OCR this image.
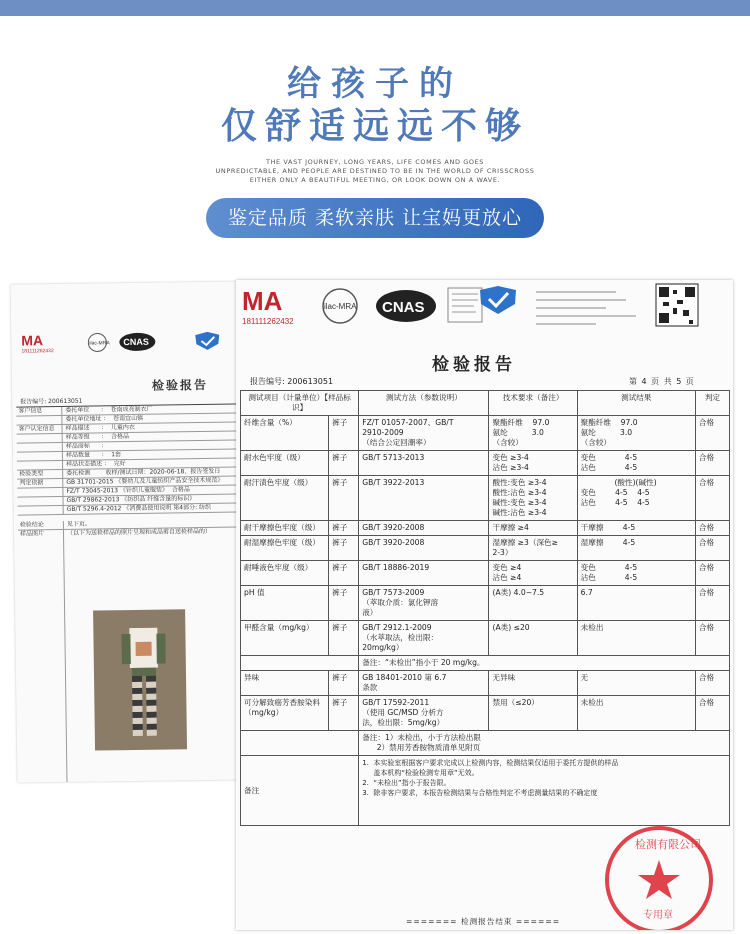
给孩子的
仅舒适远远不够
THE VAST JOURNEY, LONG YEARS, LIFE COMES AND GOES
UNPREDICTABLE, AND PEOPLE ARE DESTINED TO BE IN THE WORLD OF CRISSCROSS
EITHER ONLY A BEAUTIFUL MEETING, OR LOOK DOWN ON A WAVE.
鉴定品质 柔软亲肤 让宝妈更放心
MA
181111262432
ilac-MRA CNAS
检验报告
报告编号: 200613051
客户信息	委托单位      ：  苍南成亮制衣厂
委托单位地址 ：  苍南宜山镇
客户认定信息	样品描述      ：  儿童内衣
样品等级      ：  合格品
样品商标      ：
样品数量      ：  1套
样品状态描述 ：  完好
检验类型	委托检测        收样/测试日期：2020-06-18、报告签发日
判定依据	GB 31701-2015 《婴幼儿及儿童纺织产品安全技术规范》
FZ/T 73045-2013 《针织儿童服装》  合格品
GB/T 29862-2013 《纺织品 纤维含量的标识》
GB/T 5296.4-2012 《消费品使用说明 第4部分: 纺织
检验结论	见下页。
样品图片	（以下为送检样品的照片呈现和成品剪自送检样品的）
MA
181111262432
ilac-MRA CNAS
检验报告
报告编号: 200613051	第 4 页 共 5 页
测试项目（计量单位）【样品标识】		测试方法（参数说明）	技术要求（备注）	测试结果	判定
纤维含量（%）	裤子	FZ/T 01057-2007、GB/T
2910-2009
（结合公定回潮率）	聚酯纤维    97.0
氨纶          3.0
（含较）	聚酯纤维    97.0
氨纶          3.0
（含较）	合格
耐水色牢度（级）	裤子	GB/T 5713-2013	变色 ≥3-4
沾色 ≥3-4	变色            4-5
沾色            4-5	合格
耐汗渍色牢度（级）	裤子	GB/T 3922-2013	酸性:变色 ≥3-4
酸性:沾色 ≥3-4
碱性:变色 ≥3-4
碱性:沾色 ≥3-4	(酸性)(碱性)
变色        4-5    4-5
沾色        4-5    4-5	合格
耐干摩擦色牢度（级）	裤子	GB/T 3920-2008	干摩擦 ≥4	干摩擦        4-5	合格
耐湿摩擦色牢度（级）	裤子	GB/T 3920-2008	湿摩擦 ≥3（深色≥
2-3）	湿摩擦        4-5	合格
耐唾液色牢度（级）	裤子	GB/T 18886-2019	变色 ≥4
沾色 ≥4	变色            4-5
沾色            4-5	合格
pH 值	裤子	GB/T 7573-2009
（萃取介质：氯化钾溶
液）	(A类) 4.0~7.5	6.7	合格
甲醛含量（mg/kg）	裤子	GB/T 2912.1-2009
（水萃取法，检出限：
20mg/kg）	(A类) ≤20	未检出	合格
		备注：“未检出”指小于 20 mg/kg。			
异味	裤子	GB 18401-2010 第 6.7
条款	无异味	无	合格
可分解致癌芳香胺染料（mg/kg）	裤子	GB/T 17592-2011
（使用 GC/MSD 分析方
法，检出限：5mg/kg）	禁用（≤20）	未检出	合格
		备注：1）未检出，小于方法检出限
2）禁用芳香胺物质清单见附页			
备注		1.  本实验室根据客户要求完成以上检测内容，检测结果仅适用于委托方提供的样品
盖本机构“检验检测专用章”无效。
2.  “未检出”指小于报告限。
3.  除非客户要求，本报告检测结果与合格性判定不考虑测量结果的不确定度			
检测有限公司
专用章
======= 检测报告结束 ======
